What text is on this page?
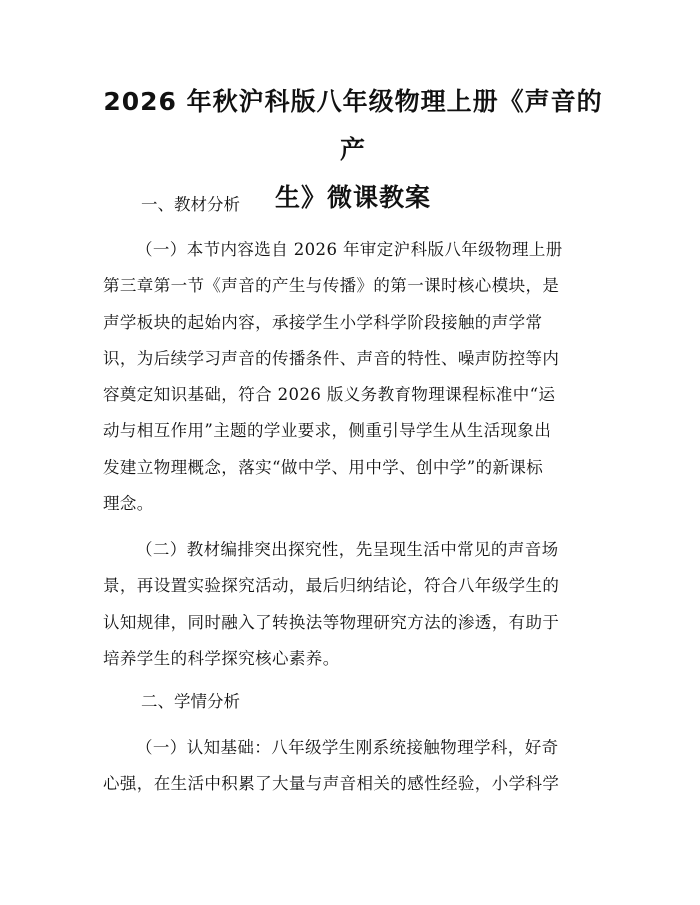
2026 年秋沪科版八年级物理上册《声音的产
生》微课教案
一、教材分析
（一）本节内容选自 2026 年审定沪科版八年级物理上册
第三章第一节《声音的产生与传播》的第一课时核心模块，是
声学板块的起始内容，承接学生小学科学阶段接触的声学常
识，为后续学习声音的传播条件、声音的特性、噪声防控等内
容奠定知识基础，符合 2026 版义务教育物理课程标准中“运
动与相互作用”主题的学业要求，侧重引导学生从生活现象出
发建立物理概念，落实“做中学、用中学、创中学”的新课标
理念。
（二）教材编排突出探究性，先呈现生活中常见的声音场
景，再设置实验探究活动，最后归纳结论，符合八年级学生的
认知规律，同时融入了转换法等物理研究方法的渗透，有助于
培养学生的科学探究核心素养。
二、学情分析
（一）认知基础：八年级学生刚系统接触物理学科，好奇
心强，在生活中积累了大量与声音相关的感性经验，小学科学
